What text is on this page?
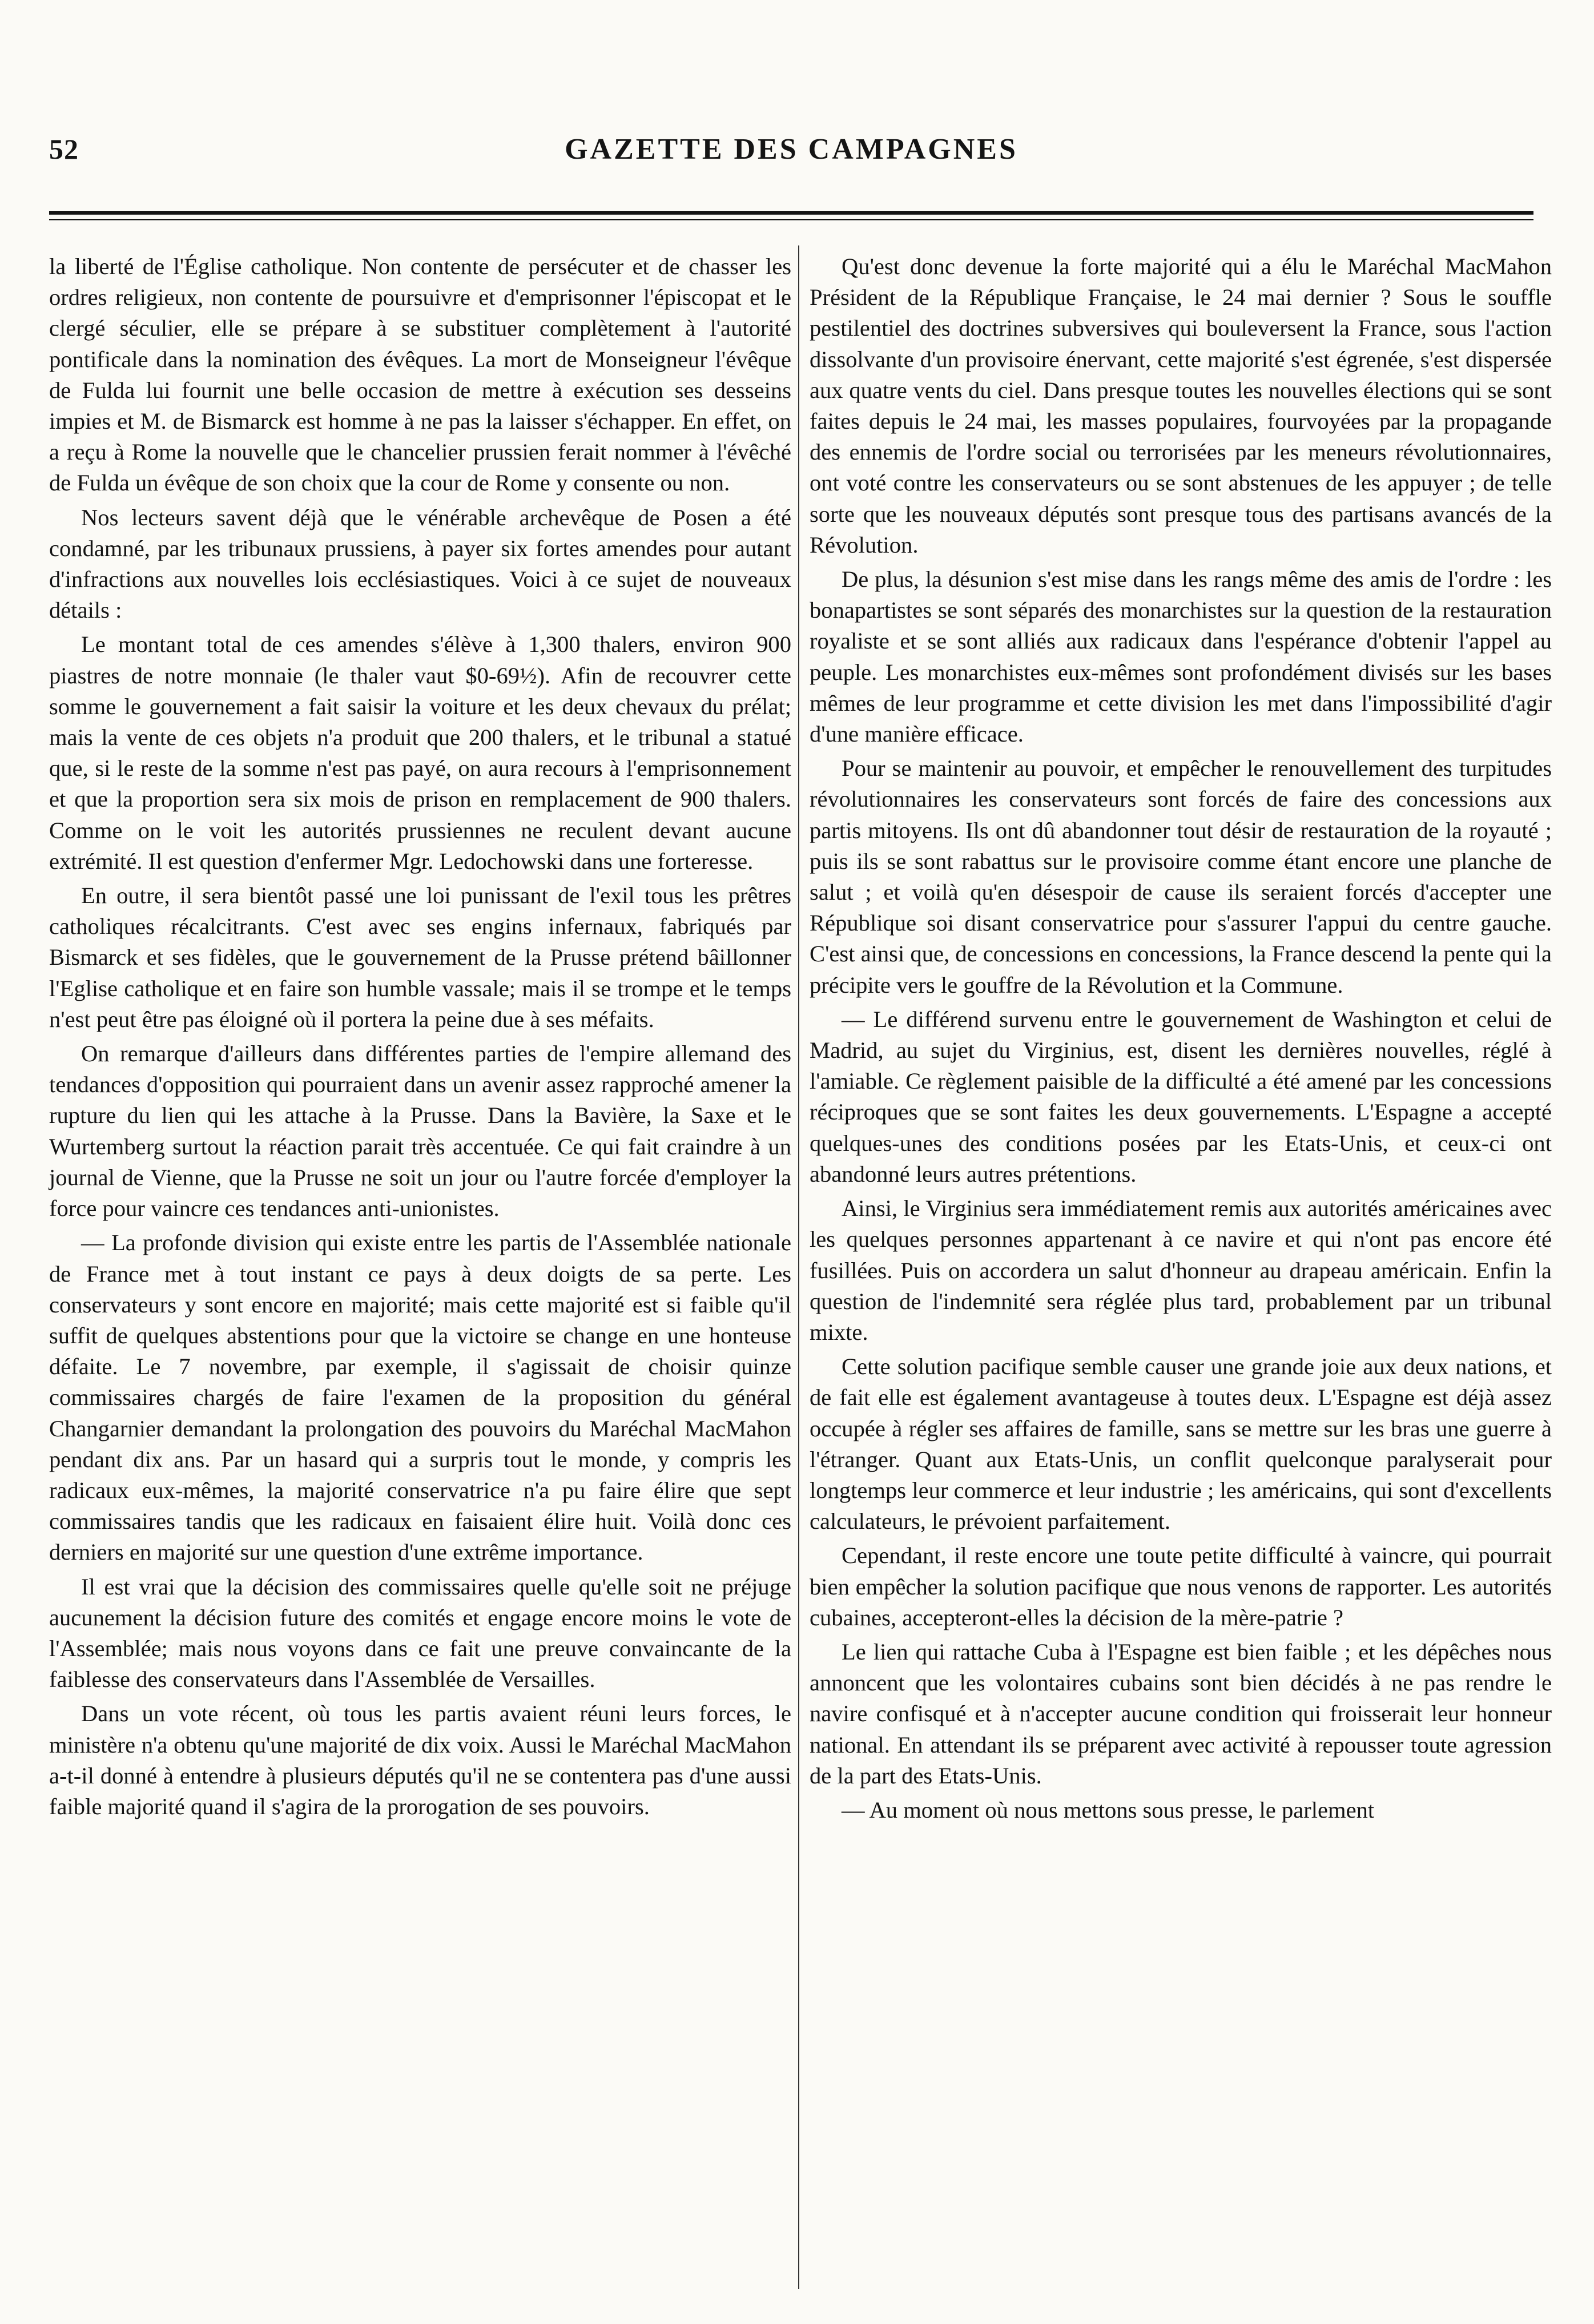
52	GAZETTE DES CAMPAGNES

la liberté de l'Église catholique. Non contente de persécuter et de chasser les ordres religieux, non contente de poursuivre et d'emprisonner l'épiscopat et le clergé séculier, elle se prépare à se substituer complètement à l'autorité pontificale dans la nomination des évêques. La mort de Monseigneur l'évêque de Fulda lui fournit une belle occasion de mettre à exécution ses desseins impies et M. de Bismarck est homme à ne pas la laisser s'échapper. En effet, on a reçu à Rome la nouvelle que le chancelier prussien ferait nommer à l'évêché de Fulda un évêque de son choix que la cour de Rome y consente ou non.

Nos lecteurs savent déjà que le vénérable archevêque de Posen a été condamné, par les tribunaux prussiens, à payer six fortes amendes pour autant d'infractions aux nouvelles lois ecclésiastiques. Voici à ce sujet de nouveaux détails :

Le montant total de ces amendes s'élève à 1,300 thalers, environ 900 piastres de notre monnaie (le thaler vaut $0-69½). Afin de recouvrer cette somme le gouvernement a fait saisir la voiture et les deux chevaux du prélat; mais la vente de ces objets n'a produit que 200 thalers, et le tribunal a statué que, si le reste de la somme n'est pas payé, on aura recours à l'emprisonnement et que la proportion sera six mois de prison en remplacement de 900 thalers. Comme on le voit les autorités prussiennes ne reculent devant aucune extrémité. Il est question d'enfermer Mgr. Ledochowski dans une forteresse.

En outre, il sera bientôt passé une loi punissant de l'exil tous les prêtres catholiques récalcitrants. C'est avec ses engins infernaux, fabriqués par Bismarck et ses fidèles, que le gouvernement de la Prusse prétend bâillonner l'Eglise catholique et en faire son humble vassale; mais il se trompe et le temps n'est peut être pas éloigné où il portera la peine due à ses méfaits.

On remarque d'ailleurs dans différentes parties de l'empire allemand des tendances d'opposition qui pourraient dans un avenir assez rapproché amener la rupture du lien qui les attache à la Prusse. Dans la Bavière, la Saxe et le Wurtemberg surtout la réaction parait très accentuée. Ce qui fait craindre à un journal de Vienne, que la Prusse ne soit un jour ou l'autre forcée d'employer la force pour vaincre ces tendances anti-unionistes.

— La profonde division qui existe entre les partis de l'Assemblée nationale de France met à tout instant ce pays à deux doigts de sa perte. Les conservateurs y sont encore en majorité; mais cette majorité est si faible qu'il suffit de quelques abstentions pour que la victoire se change en une honteuse défaite. Le 7 novembre, par exemple, il s'agissait de choisir quinze commissaires chargés de faire l'examen de la proposition du général Changarnier demandant la prolongation des pouvoirs du Maréchal MacMahon pendant dix ans. Par un hasard qui a surpris tout le monde, y compris les radicaux eux-mêmes, la majorité conservatrice n'a pu faire élire que sept commissaires tandis que les radicaux en faisaient élire huit. Voilà donc ces derniers en majorité sur une question d'une extrême importance.

Il est vrai que la décision des commissaires quelle qu'elle soit ne préjuge aucunement la décision future des comités et engage encore moins le vote de l'Assemblée; mais nous voyons dans ce fait une preuve convaincante de la faiblesse des conservateurs dans l'Assemblée de Versailles.

Dans un vote récent, où tous les partis avaient réuni leurs forces, le ministère n'a obtenu qu'une majorité de dix voix. Aussi le Maréchal MacMahon a-t-il donné à entendre à plusieurs députés qu'il ne se contentera pas d'une aussi faible majorité quand il s'agira de la prorogation de ses pouvoirs.

Qu'est donc devenue la forte majorité qui a élu le Maréchal MacMahon Président de la République Française, le 24 mai dernier ? Sous le souffle pestilentiel des doctrines subversives qui bouleversent la France, sous l'action dissolvante d'un provisoire énervant, cette majorité s'est égrenée, s'est dispersée aux quatre vents du ciel. Dans presque toutes les nouvelles élections qui se sont faites depuis le 24 mai, les masses populaires, fourvoyées par la propagande des ennemis de l'ordre social ou terrorisées par les meneurs révolutionnaires, ont voté contre les conservateurs ou se sont abstenues de les appuyer ; de telle sorte que les nouveaux députés sont presque tous des partisans avancés de la Révolution.

De plus, la désunion s'est mise dans les rangs même des amis de l'ordre : les bonapartistes se sont séparés des monarchistes sur la question de la restauration royaliste et se sont alliés aux radicaux dans l'espérance d'obtenir l'appel au peuple. Les monarchistes eux-mêmes sont profondément divisés sur les bases mêmes de leur programme et cette division les met dans l'impossibilité d'agir d'une manière efficace.

Pour se maintenir au pouvoir, et empêcher le renouvellement des turpitudes révolutionnaires les conservateurs sont forcés de faire des concessions aux partis mitoyens. Ils ont dû abandonner tout désir de restauration de la royauté ; puis ils se sont rabattus sur le provisoire comme étant encore une planche de salut ; et voilà qu'en désespoir de cause ils seraient forcés d'accepter une République soi disant conservatrice pour s'assurer l'appui du centre gauche. C'est ainsi que, de concessions en concessions, la France descend la pente qui la précipite vers le gouffre de la Révolution et la Commune.

— Le différend survenu entre le gouvernement de Washington et celui de Madrid, au sujet du Virginius, est, disent les dernières nouvelles, réglé à l'amiable. Ce règlement paisible de la difficulté a été amené par les concessions réciproques que se sont faites les deux gouvernements. L'Espagne a accepté quelques-unes des conditions posées par les Etats-Unis, et ceux-ci ont abandonné leurs autres prétentions.

Ainsi, le Virginius sera immédiatement remis aux autorités américaines avec les quelques personnes appartenant à ce navire et qui n'ont pas encore été fusillées. Puis on accordera un salut d'honneur au drapeau américain. Enfin la question de l'indemnité sera réglée plus tard, probablement par un tribunal mixte.

Cette solution pacifique semble causer une grande joie aux deux nations, et de fait elle est également avantageuse à toutes deux. L'Espagne est déjà assez occupée à régler ses affaires de famille, sans se mettre sur les bras une guerre à l'étranger. Quant aux Etats-Unis, un conflit quelconque paralyserait pour longtemps leur commerce et leur industrie ; les américains, qui sont d'excellents calculateurs, le prévoient parfaitement.

Cependant, il reste encore une toute petite difficulté à vaincre, qui pourrait bien empêcher la solution pacifique que nous venons de rapporter. Les autorités cubaines, accepteront-elles la décision de la mère-patrie ?

Le lien qui rattache Cuba à l'Espagne est bien faible ; et les dépêches nous annoncent que les volontaires cubains sont bien décidés à ne pas rendre le navire confisqué et à n'accepter aucune condition qui froisserait leur honneur national. En attendant ils se préparent avec activité à repousser toute agression de la part des Etats-Unis.

— Au moment où nous mettons sous presse, le parlement
